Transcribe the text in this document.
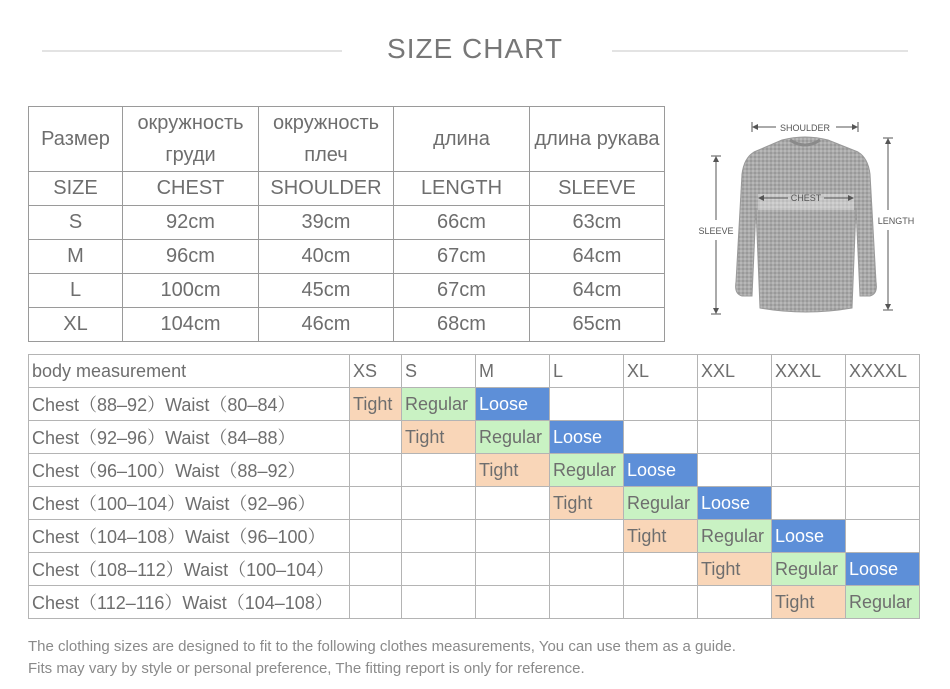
SIZE CHART
Размер	окружность груди	окружность плеч	длина	длина рукава
SIZE	CHEST	SHOULDER	LENGTH	SLEEVE
S	92cm	39cm	66cm	63cm
M	96cm	40cm	67cm	64cm
L	100cm	45cm	67cm	64cm
XL	104cm	46cm	68cm	65cm
SHOULDER
CHEST
SLEEVE
LENGTH
body measurement	XS	S	M	L	XL	XXL	XXXL	XXXXL
Chest（88–92）Waist（80–84）	Tight	Regular	Loose					
Chest（92–96）Waist（84–88）		Tight	Regular	Loose				
Chest（96–100）Waist（88–92）			Tight	Regular	Loose			
Chest（100–104）Waist（92–96）				Tight	Regular	Loose		
Chest（104–108）Waist（96–100）					Tight	Regular	Loose	
Chest（108–112）Waist（100–104）						Tight	Regular	Loose
Chest（112–116）Waist（104–108）							Tight	Regular
The clothing sizes are designed to fit to the following clothes measurements, You can use them as a guide.
Fits may vary by style or personal preference, The fitting report is only for reference.
